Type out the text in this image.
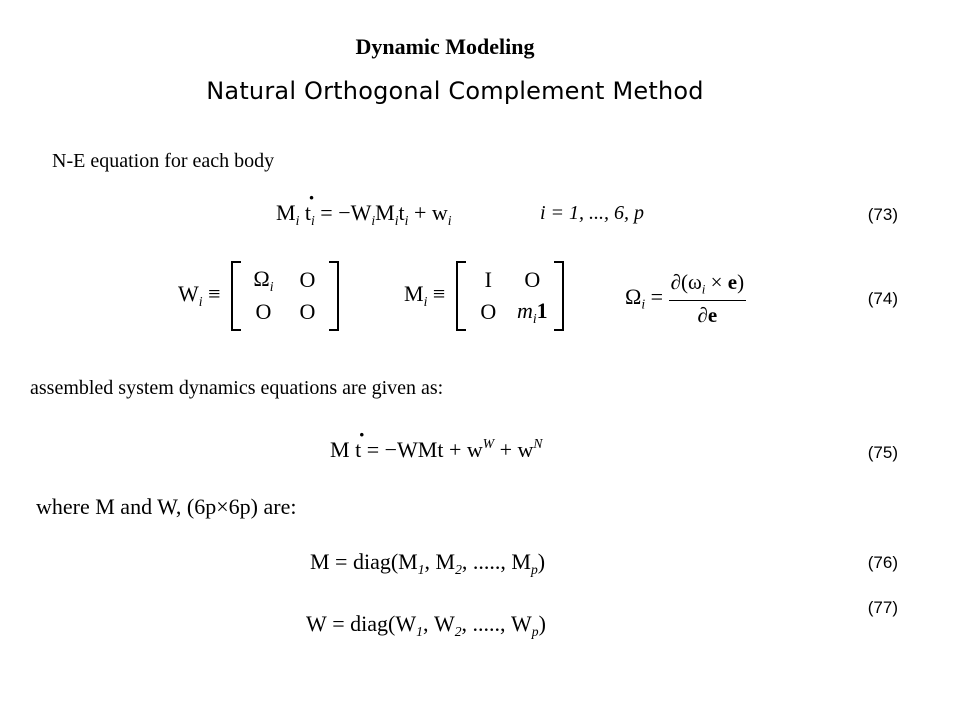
Dynamic Modeling
Natural Orthogonal Complement Method
N-E equation for each body
$M_i$ $t \cdot_i = -W_iM_it_i + w_i$	i = 1, ..., 6, p	(73)
$W_i$ ≡
$\Omega_i$ O
O O
$M_i$ ≡
I O
O $m_i1$
$\Omega_i = \frac{\partial(\omega_i \times e)}{\partial e}$	(74)
assembled system dynamics equations are given as:
M t · = $-WMt + w^W + w^N$	(75)
where M and W, (6p×6p) are:
$M = diag(M_1$, $M_2$, ....., $M_p$)	(76)
$W = diag(W_1$, $W_2$, ....., $W_p$)
(77)
